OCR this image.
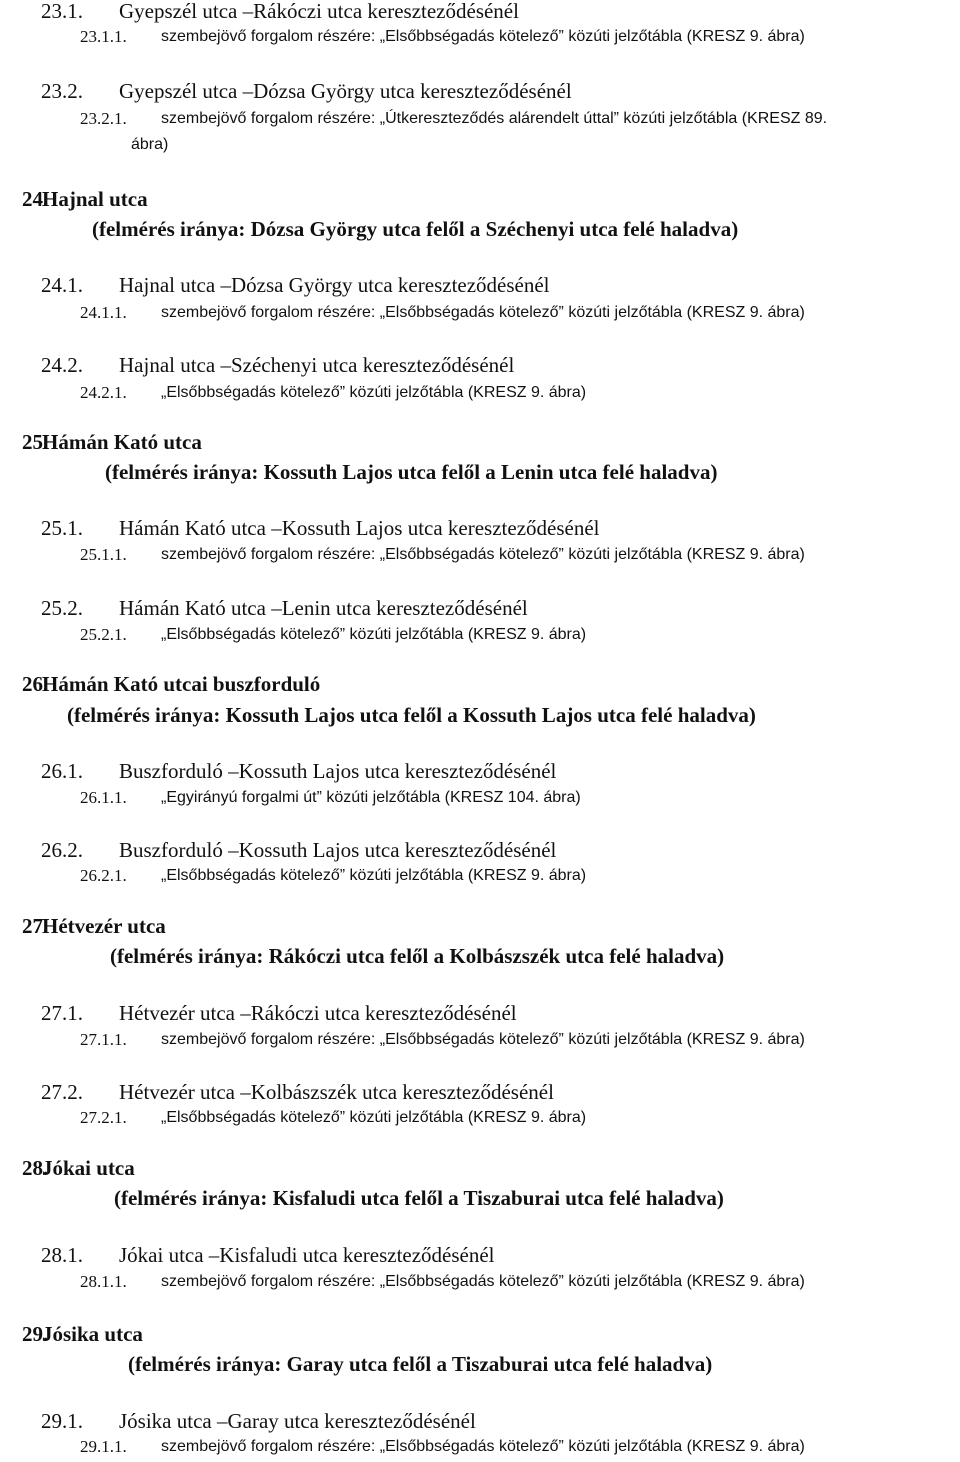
23.1. Gyepszél utca –Rákóczi utca kereszteződésénél
23.1.1. szembejövő forgalom részére: „Elsőbbségadás kötelező” közúti jelzőtábla (KRESZ 9. ábra)
23.2. Gyepszél utca –Dózsa György utca kereszteződésénél
23.2.1. szembejövő forgalom részére: „Útkereszteződés alárendelt úttal” közúti jelzőtábla (KRESZ 89.
ábra)
24.
Hajnal utca
(felmérés iránya: Dózsa György utca felől a Széchenyi utca felé haladva)
24.1. Hajnal utca –Dózsa György utca kereszteződésénél
24.1.1. szembejövő forgalom részére: „Elsőbbségadás kötelező” közúti jelzőtábla (KRESZ 9. ábra)
24.2. Hajnal utca –Széchenyi utca kereszteződésénél
24.2.1. „Elsőbbségadás kötelező” közúti jelzőtábla (KRESZ 9. ábra)
25.
Hámán Kató utca
(felmérés iránya: Kossuth Lajos utca felől a Lenin utca felé haladva)
25.1. Hámán Kató utca –Kossuth Lajos utca kereszteződésénél
25.1.1. szembejövő forgalom részére: „Elsőbbségadás kötelező” közúti jelzőtábla (KRESZ 9. ábra)
25.2. Hámán Kató utca –Lenin utca kereszteződésénél
25.2.1. „Elsőbbségadás kötelező” közúti jelzőtábla (KRESZ 9. ábra)
26.
Hámán Kató utcai buszforduló
(felmérés iránya: Kossuth Lajos utca felől a Kossuth Lajos utca felé haladva)
26.1. Buszforduló –Kossuth Lajos utca kereszteződésénél
26.1.1. „Egyirányú forgalmi út” közúti jelzőtábla (KRESZ 104. ábra)
26.2. Buszforduló –Kossuth Lajos utca kereszteződésénél
26.2.1. „Elsőbbségadás kötelező” közúti jelzőtábla (KRESZ 9. ábra)
27.
Hétvezér utca
(felmérés iránya: Rákóczi utca felől a Kolbászszék utca felé haladva)
27.1. Hétvezér utca –Rákóczi utca kereszteződésénél
27.1.1. szembejövő forgalom részére: „Elsőbbségadás kötelező” közúti jelzőtábla (KRESZ 9. ábra)
27.2. Hétvezér utca –Kolbászszék utca kereszteződésénél
27.2.1. „Elsőbbségadás kötelező” közúti jelzőtábla (KRESZ 9. ábra)
28.
Jókai utca
(felmérés iránya: Kisfaludi utca felől a Tiszaburai utca felé haladva)
28.1. Jókai utca –Kisfaludi utca kereszteződésénél
28.1.1. szembejövő forgalom részére: „Elsőbbségadás kötelező” közúti jelzőtábla (KRESZ 9. ábra)
29.
Jósika utca
(felmérés iránya: Garay utca felől a Tiszaburai utca felé haladva)
29.1. Jósika utca –Garay utca kereszteződésénél
29.1.1. szembejövő forgalom részére: „Elsőbbségadás kötelező” közúti jelzőtábla (KRESZ 9. ábra)
